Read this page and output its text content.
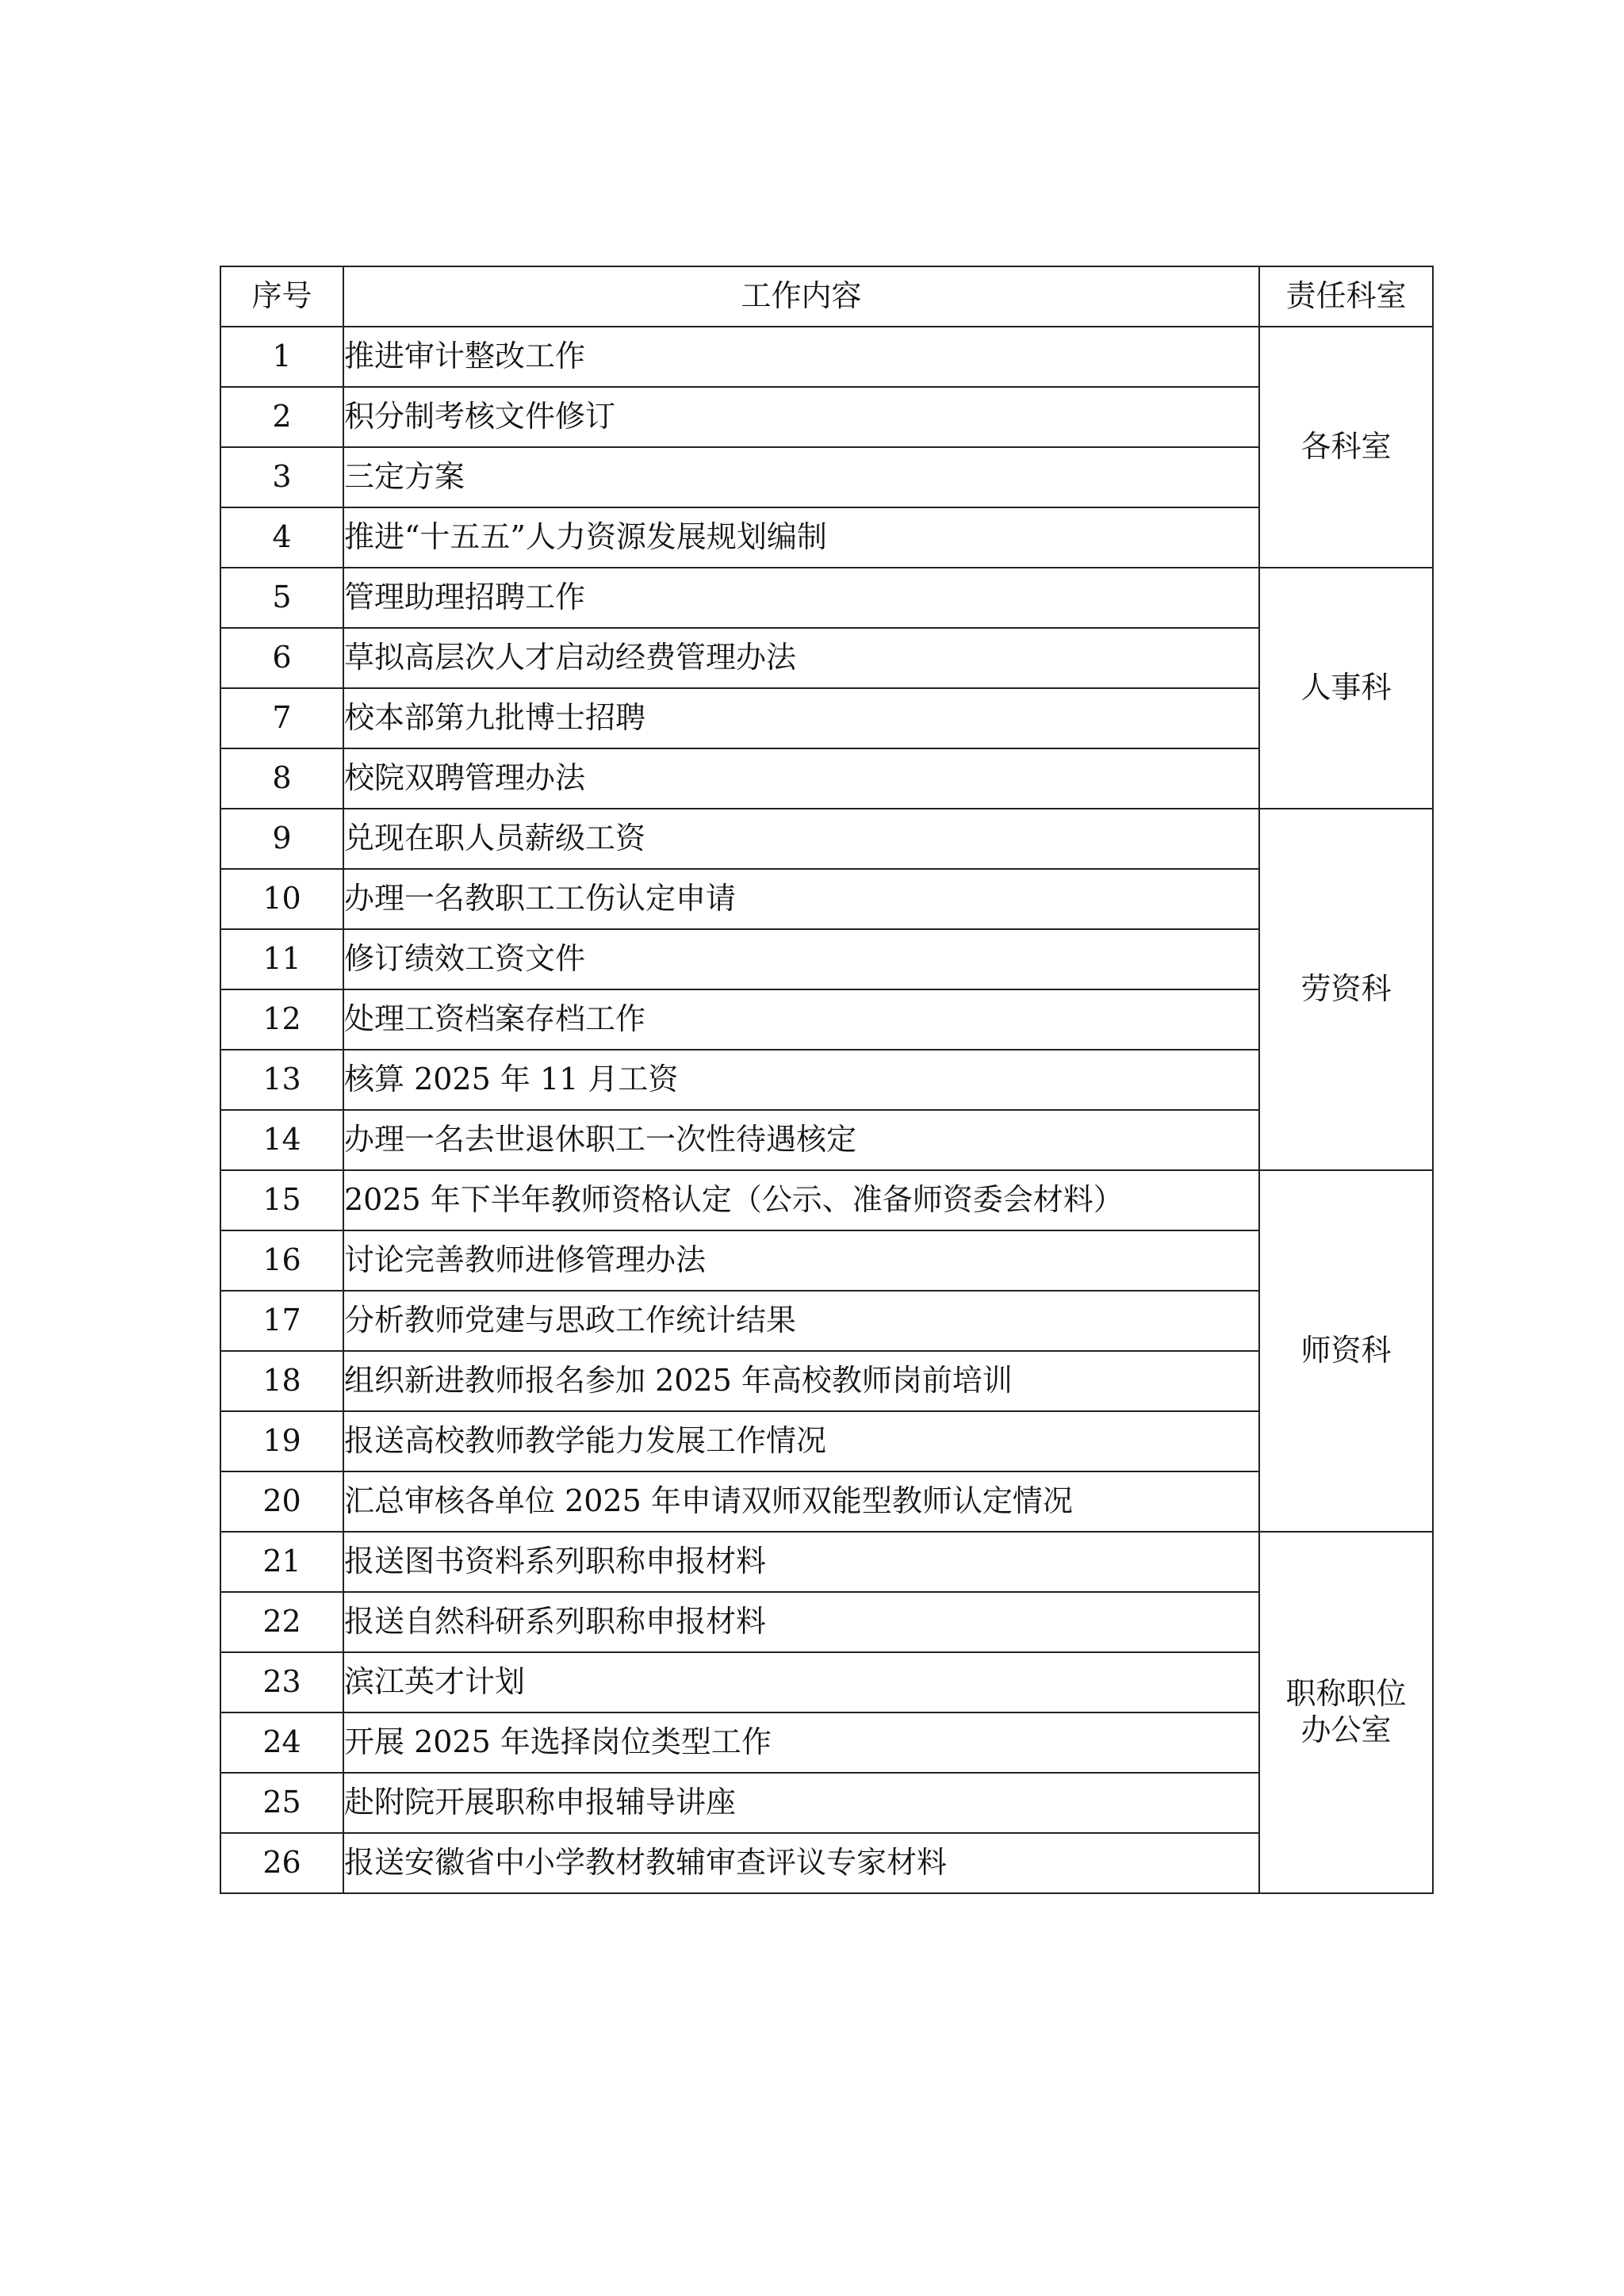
序号	工作内容	责任科室
1	推进审计整改工作	各科室
2	积分制考核文件修订	
3	三定方案	
4	推进“十五五”人力资源发展规划编制	
5	管理助理招聘工作	人事科
6	草拟高层次人才启动经费管理办法	
7	校本部第九批博士招聘	
8	校院双聘管理办法	
9	兑现在职人员薪级工资	劳资科
10	办理一名教职工工伤认定申请	
11	修订绩效工资文件	
12	处理工资档案存档工作	
13	核算 2025 年 11 月工资	
14	办理一名去世退休职工一次性待遇核定	
15	2025 年下半年教师资格认定（公示、准备师资委会材料）	师资科
16	讨论完善教师进修管理办法	
17	分析教师党建与思政工作统计结果	
18	组织新进教师报名参加 2025 年高校教师岗前培训	
19	报送高校教师教学能力发展工作情况	
20	汇总审核各单位 2025 年申请双师双能型教师认定情况	
21	报送图书资料系列职称申报材料	职称职位办公室
22	报送自然科研系列职称申报材料	
23	滨江英才计划	
24	开展 2025 年选择岗位类型工作	
25	赴附院开展职称申报辅导讲座	
26	报送安徽省中小学教材教辅审查评议专家材料	
